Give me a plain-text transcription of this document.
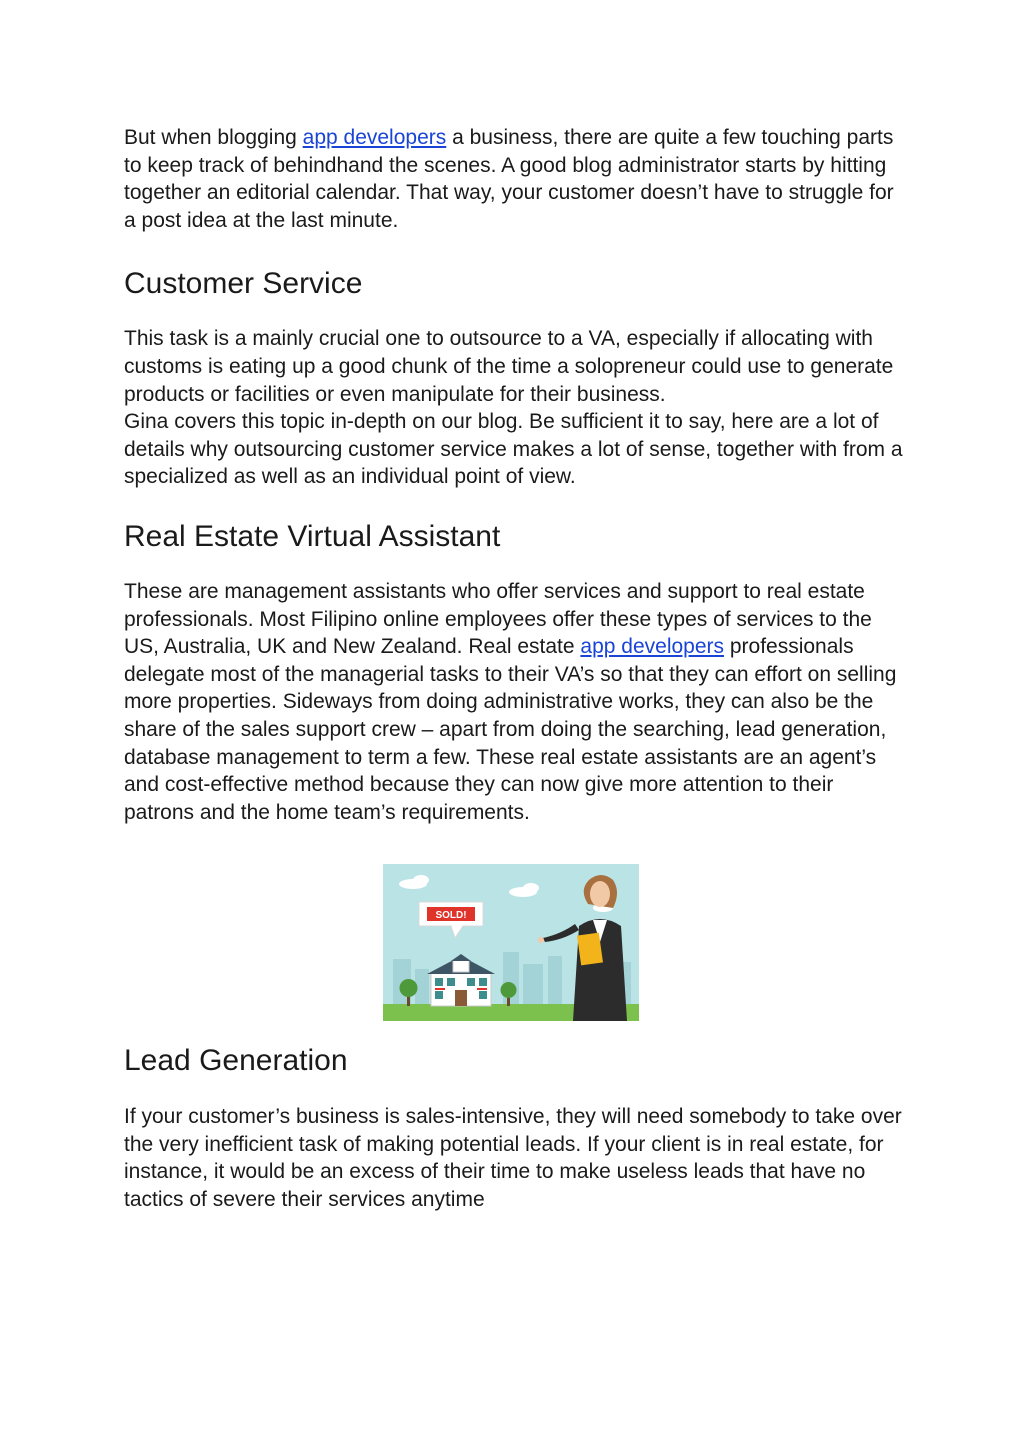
But when blogging app developers a business, there are quite a few touching parts to keep track of behindhand the scenes. A good blog administrator starts by hitting together an editorial calendar. That way, your customer doesn’t have to struggle for a post idea at the last minute.

Customer Service

This task is a mainly crucial one to outsource to a VA, especially if allocating with customs is eating up a good chunk of the time a solopreneur could use to generate products or facilities or even manipulate for their business.

Gina covers this topic in-depth on our blog. Be sufficient it to say, here are a lot of details why outsourcing customer service makes a lot of sense, together with from a specialized as well as an individual point of view.

Real Estate Virtual Assistant

These are management assistants who offer services and support to real estate professionals. Most Filipino online employees offer these types of services to the US, Australia, UK and New Zealand. Real estate app developers professionals delegate most of the managerial tasks to their VA’s so that they can effort on selling more properties. Sideways from doing administrative works, they can also be the share of the sales support crew – apart from doing the searching, lead generation, database management to term a few. These real estate assistants are an agent’s and cost-effective method because they can now give more attention to their patrons and the home team’s requirements.

SOLD!
Lead Generation

If your customer’s business is sales-intensive, they will need somebody to take over the very inefficient task of making potential leads. If your client is in real estate, for instance, it would be an excess of their time to make useless leads that have no tactics of severe their services anytime
